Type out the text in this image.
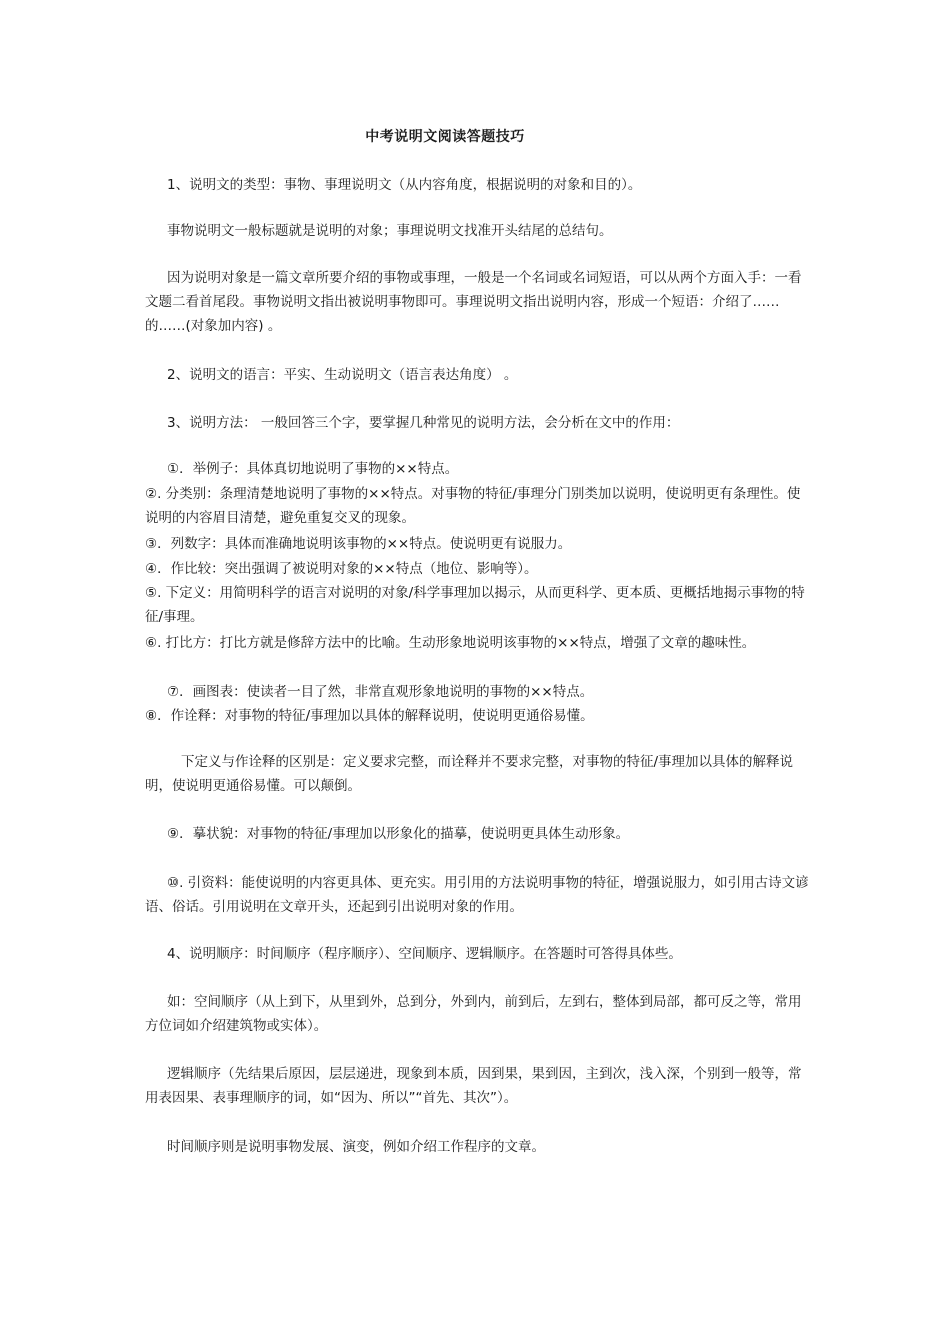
中考说明文阅读答题技巧

1、说明文的类型：事物、事理说明文（从内容角度，根据说明的对象和目的）。

事物说明文一般标题就是说明的对象；事理说明文找准开头结尾的总结句。

因为说明对象是一篇文章所要介绍的事物或事理，一般是一个名词或名词短语，可以从两个方面入手：一看文题二看首尾段。事物说明文指出被说明事物即可。事理说明文指出说明内容，形成一个短语：介绍了……的……(对象加内容) 。

2、说明文的语言：平实、生动说明文（语言表达角度） 。

3、说明方法： 一般回答三个字，要掌握几种常见的说明方法，会分析在文中的作用：

①．举例子：具体真切地说明了事物的××特点。

②. 分类别：条理清楚地说明了事物的××特点。对事物的特征/事理分门别类加以说明，使说明更有条理性。使说明的内容眉目清楚，避免重复交叉的现象。

③．列数字：具体而准确地说明该事物的××特点。使说明更有说服力。

④．作比较：突出强调了被说明对象的××特点（地位、影响等）。

⑤. 下定义：用简明科学的语言对说明的对象/科学事理加以揭示，从而更科学、更本质、更概括地揭示事物的特征/事理。

⑥. 打比方：打比方就是修辞方法中的比喻。生动形象地说明该事物的××特点，增强了文章的趣味性。

⑦．画图表：使读者一目了然，非常直观形象地说明的事物的××特点。

⑧．作诠释：对事物的特征/事理加以具体的解释说明，使说明更通俗易懂。

下定义与作诠释的区别是：定义要求完整，而诠释并不要求完整，对事物的特征/事理加以具体的解释说明，使说明更通俗易懂。可以颠倒。

⑨．摹状貌：对事物的特征/事理加以形象化的描摹，使说明更具体生动形象。

⑩. 引资料：能使说明的内容更具体、更充实。用引用的方法说明事物的特征，增强说服力，如引用古诗文谚语、俗话。引用说明在文章开头，还起到引出说明对象的作用。

4、说明顺序：时间顺序（程序顺序）、空间顺序、逻辑顺序。在答题时可答得具体些。

如：空间顺序（从上到下，从里到外，总到分，外到内，前到后，左到右，整体到局部，都可反之等，常用方位词如介绍建筑物或实体）。

逻辑顺序（先结果后原因，层层递进，现象到本质，因到果，果到因，主到次，浅入深，个别到一般等，常用表因果、表事理顺序的词，如“因为、所以”“首先、其次”）。

时间顺序则是说明事物发展、演变，例如介绍工作程序的文章。
